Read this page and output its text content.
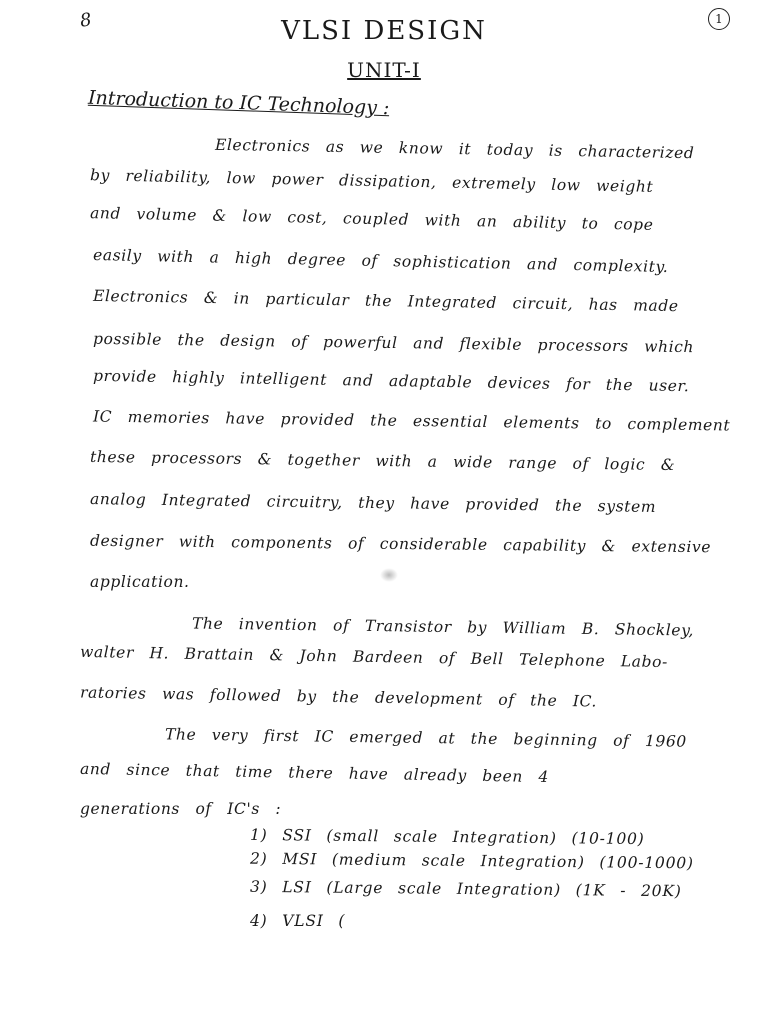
8	1
VLSI DESIGN
UNIT-I
Introduction to IC Technology :
Electronics as we know it today is characterized
by reliability, low power dissipation, extremely low weight
and volume & low cost, coupled with an ability to cope
easily with a high degree of sophistication and complexity.
Electronics & in particular the Integrated circuit, has made
possible the design of powerful and flexible processors which
provide highly intelligent and adaptable devices for the user.
IC memories have provided the essential elements to complement
these processors & together with a wide range of logic &
analog Integrated circuitry, they have provided the system
designer with components of considerable capability & extensive
application.
The invention of Transistor by William B. Shockley,
walter H. Brattain & John Bardeen of Bell Telephone Labo-
ratories was followed by the development of the IC.
The very first IC emerged at the beginning of 1960
and since that time there have already been 4
generations of IC's :
1) SSI (small scale Integration) (10-100)
2) MSI (medium scale Integration) (100-1000)
3) LSI (Large scale Integration) (1K - 20K)
4) VLSI (
